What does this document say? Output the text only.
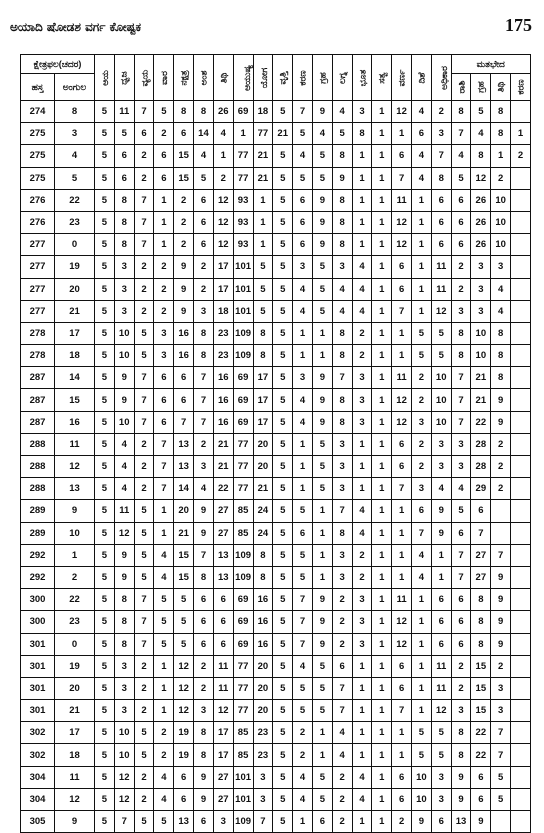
ಅಯಾದಿ ಷೋಡಶ ವರ್ಗ ಕೋಷ್ಟಕ	175
ಕ್ಷೇತ್ರಫಲ(ಚದರ)		ಆಯ	ಧ್ವಜ	ವ್ಯಯ	ವಾರ	ನಕ್ಷತ್ರ	ಅಂಶ	ತಿಥಿ	ಆಯುಷ್ಯ	ಯೋಗ	ವೃತ್ತಿ	ಕರಣ	ಗ್ರಹ	ಲಗ್ನ	ಭೂತ	ಸತ್ವ	ವರ್ಣ	ದಿಶೆ	ಅಧಿಕಾರ	ಮತಭೇದ			
ಹಸ್ತ	ಅಂಗುಲ																			ರಾಶಿ	ಗ್ರಹ	ತಿಥಿ	ಕರಣ
274	8	5	11	7	5	8	8	26	69	18	5	7	9	4	3	1	12	4	2	8	5	8	
275	3	5	5	6	2	6	14	4	1	77	21	5	4	5	8	1	1	6	3	7	4	8	1
275	4	5	6	2	6	15	4	1	77	21	5	4	5	8	1	1	6	4	7	4	8	1	2
275	5	5	6	2	6	15	5	2	77	21	5	5	5	9	1	1	7	4	8	5	12	2	
276	22	5	8	7	1	2	6	12	93	1	5	6	9	8	1	1	11	1	6	6	26	10	
276	23	5	8	7	1	2	6	12	93	1	5	6	9	8	1	1	12	1	6	6	26	10	
277	0	5	8	7	1	2	6	12	93	1	5	6	9	8	1	1	12	1	6	6	26	10	
277	19	5	3	2	2	9	2	17	101	5	5	3	5	3	4	1	6	1	11	2	3	3	
277	20	5	3	2	2	9	2	17	101	5	5	4	5	4	4	1	6	1	11	2	3	4	
277	21	5	3	2	2	9	3	18	101	5	5	4	5	4	4	1	7	1	12	3	3	4	
278	17	5	10	5	3	16	8	23	109	8	5	1	1	8	2	1	1	5	5	8	10	8	
278	18	5	10	5	3	16	8	23	109	8	5	1	1	8	2	1	1	5	5	8	10	8	
287	14	5	9	7	6	6	7	16	69	17	5	3	9	7	3	1	11	2	10	7	21	8	
287	15	5	9	7	6	6	7	16	69	17	5	4	9	8	3	1	12	2	10	7	21	9	
287	16	5	10	7	6	7	7	16	69	17	5	4	9	8	3	1	12	3	10	7	22	9	
288	11	5	4	2	7	13	2	21	77	20	5	1	5	3	1	1	6	2	3	3	28	2	
288	12	5	4	2	7	13	3	21	77	20	5	1	5	3	1	1	6	2	3	3	28	2	
288	13	5	4	2	7	14	4	22	77	21	5	1	5	3	1	1	7	3	4	4	29	2	
289	9	5	11	5	1	20	9	27	85	24	5	5	1	7	4	1	1	6	9	5	6		
289	10	5	12	5	1	21	9	27	85	24	5	6	1	8	4	1	1	7	9	6	7		
292	1	5	9	5	4	15	7	13	109	8	5	5	1	3	2	1	1	4	1	7	27	7	
292	2	5	9	5	4	15	8	13	109	8	5	5	1	3	2	1	1	4	1	7	27	9	
300	22	5	8	7	5	5	6	6	69	16	5	7	9	2	3	1	11	1	6	6	8	9	
300	23	5	8	7	5	5	6	6	69	16	5	7	9	2	3	1	12	1	6	6	8	9	
301	0	5	8	7	5	5	6	6	69	16	5	7	9	2	3	1	12	1	6	6	8	9	
301	19	5	3	2	1	12	2	11	77	20	5	4	5	6	1	1	6	1	11	2	15	2	
301	20	5	3	2	1	12	2	11	77	20	5	5	5	7	1	1	6	1	11	2	15	3	
301	21	5	3	2	1	12	3	12	77	20	5	5	5	7	1	1	7	1	12	3	15	3	
302	17	5	10	5	2	19	8	17	85	23	5	2	1	4	1	1	1	5	5	8	22	7	
302	18	5	10	5	2	19	8	17	85	23	5	2	1	4	1	1	1	5	5	8	22	7	
304	11	5	12	2	4	6	9	27	101	3	5	4	5	2	4	1	6	10	3	9	6	5	
304	12	5	12	2	4	6	9	27	101	3	5	4	5	2	4	1	6	10	3	9	6	5	
305	9	5	7	5	5	13	6	3	109	7	5	1	6	2	1	1	2	9	6	13	9		
